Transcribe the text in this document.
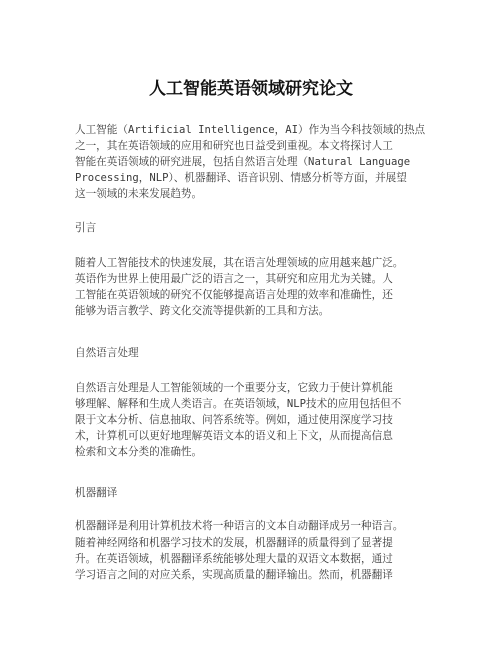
人工智能英语领域研究论文

人工智能（Artificial Intelligence，AI）作为当今科技领域的热点

之一，其在英语领域的应用和研究也日益受到重视。本文将探讨人工

智能在英语领域的研究进展，包括自然语言处理（Natural Language

Processing，NLP）、机器翻译、语音识别、情感分析等方面，并展望

这一领域的未来发展趋势。

引言

随着人工智能技术的快速发展，其在语言处理领域的应用越来越广泛。

英语作为世界上使用最广泛的语言之一，其研究和应用尤为关键。人

工智能在英语领域的研究不仅能够提高语言处理的效率和准确性，还

能够为语言教学、跨文化交流等提供新的工具和方法。

自然语言处理

自然语言处理是人工智能领域的一个重要分支，它致力于使计算机能

够理解、解释和生成人类语言。在英语领域，NLP技术的应用包括但不

限于文本分析、信息抽取、问答系统等。例如，通过使用深度学习技

术，计算机可以更好地理解英语文本的语义和上下文，从而提高信息

检索和文本分类的准确性。

机器翻译

机器翻译是利用计算机技术将一种语言的文本自动翻译成另一种语言。

随着神经网络和机器学习技术的发展，机器翻译的质量得到了显著提

升。在英语领域，机器翻译系统能够处理大量的双语文本数据，通过

学习语言之间的对应关系，实现高质量的翻译输出。然而，机器翻译
